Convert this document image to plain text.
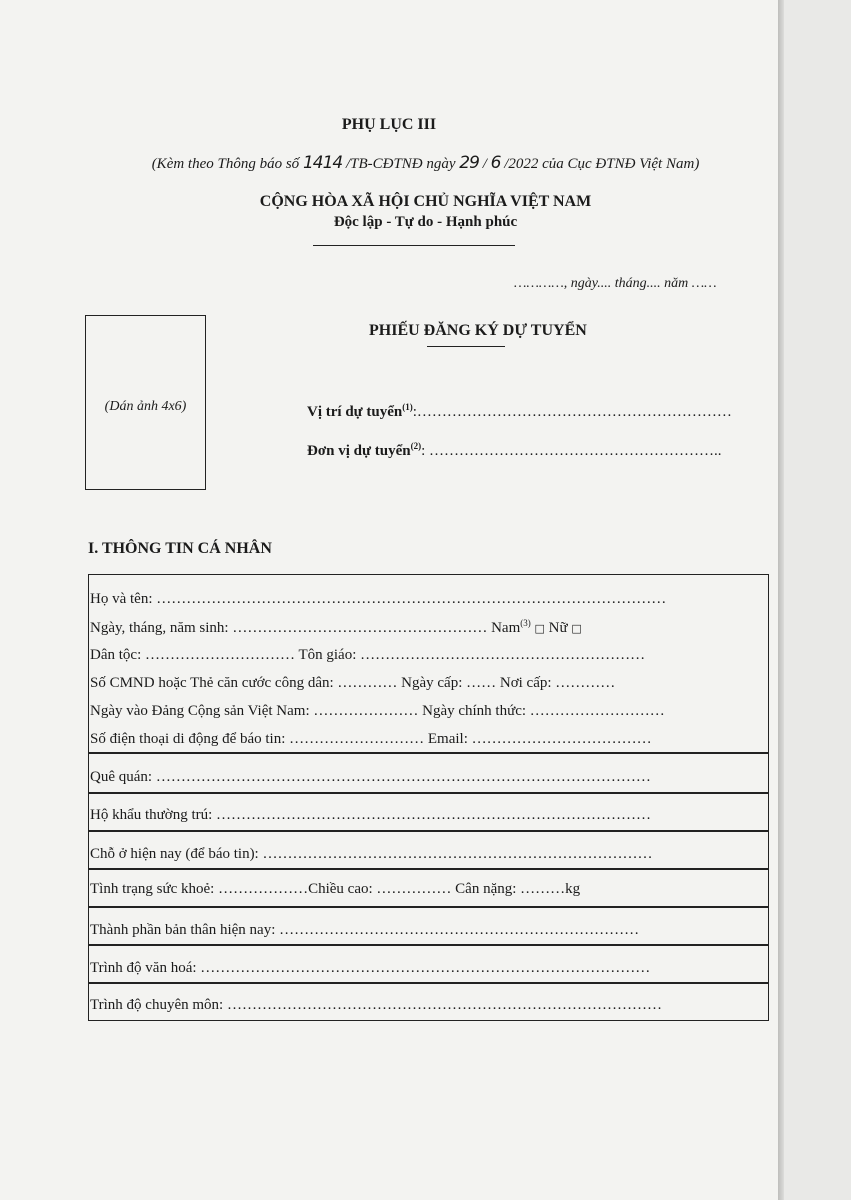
PHỤ LỤC III
(Kèm theo Thông báo số 1414 /TB-CĐTNĐ ngày 29 / 6 /2022 của Cục ĐTNĐ Việt Nam)
CỘNG HÒA XÃ HỘI CHỦ NGHĨA VIỆT NAM
Độc lập - Tự do - Hạnh phúc
…………, ngày.... tháng.... năm ……
(Dán ảnh 4x6)
PHIẾU ĐĂNG KÝ DỰ TUYỂN
Vị trí dự tuyển$^{(1)}$:………………………………………………………
Đơn vị dự tuyển$^{(2)}$: …………………………………………………..
I. THÔNG TIN CÁ NHÂN
Họ và tên: …………………………………………………………………………………………
Ngày, tháng, năm sinh: …………………………………………… Nam$^{(3)}$ □ Nữ □
Dân tộc: ………………………… Tôn giáo: …………………………………………………
Số CMND hoặc Thẻ căn cước công dân: ………… Ngày cấp: …… Nơi cấp: …………
Ngày vào Đảng Cộng sản Việt Nam: ………………… Ngày chính thức: ………………………
Số điện thoại di động để báo tin: ……………………… Email: ………………………………
Quê quán: ………………………………………………………………………………………
Hộ khẩu thường trú: ……………………………………………………………………………
Chỗ ở hiện nay (để báo tin): ……………………………………………………………………
Tình trạng sức khoẻ: ………………Chiều cao: …………… Cân nặng: ………kg
Thành phần bản thân hiện nay: ………………………………………………………………
Trình độ văn hoá: ………………………………………………………………………………
Trình độ chuyên môn: ……………………………………………………………………………
